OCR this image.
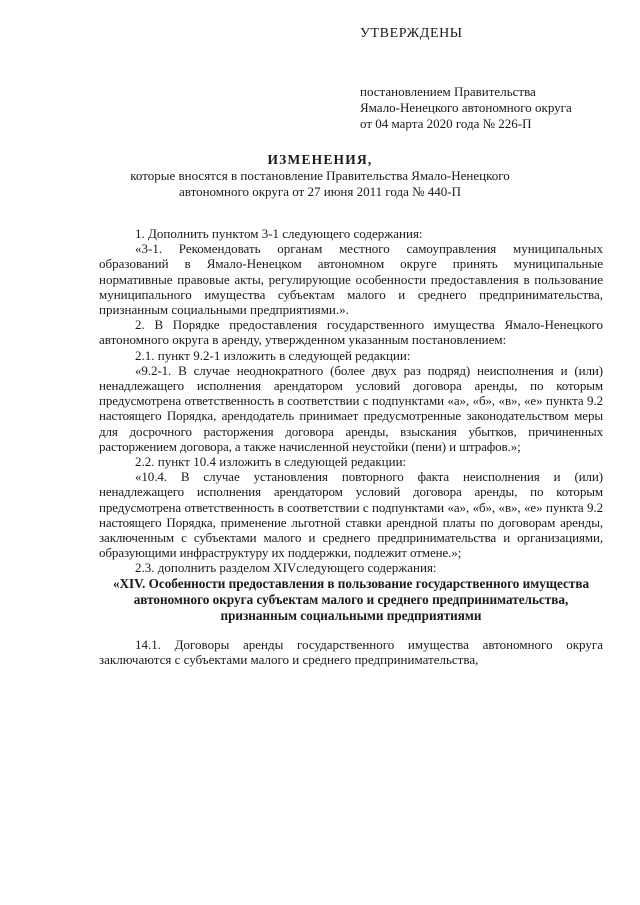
УТВЕРЖДЕНЫ
постановлением Правительства
Ямало-Ненецкого автономного округа
от 04 марта 2020 года № 226-П
ИЗМЕНЕНИЯ,
которые вносятся в постановление Правительства Ямало-Ненецкого
автономного округа от 27 июня 2011 года № 440-П

1. Дополнить пунктом 3-1 следующего содержания:

«3-1. Рекомендовать органам местного самоуправления муниципальных образований в Ямало-Ненецком автономном округе принять муниципальные нормативные правовые акты, регулирующие особенности предоставления в пользование муниципального имущества субъектам малого и среднего предпринимательства, признанным социальными предприятиями.».

2. В Порядке предоставления государственного имущества Ямало-Ненецкого автономного округа в аренду, утвержденном указанным постановлением:

2.1. пункт 9.2-1 изложить в следующей редакции:

«9.2-1. В случае неоднократного (более двух раз подряд) неисполнения и (или) ненадлежащего исполнения арендатором условий договора аренды, по которым предусмотрена ответственность в соответствии с подпунктами «а», «б», «в», «е» пункта 9.2 настоящего Порядка, арендодатель принимает предусмотренные законодательством меры для досрочного расторжения договора аренды, взыскания убытков, причиненных расторжением договора, а также начисленной неустойки (пени) и штрафов.»;

2.2. пункт 10.4 изложить в следующей редакции:

«10.4. В случае установления повторного факта неисполнения и (или) ненадлежащего исполнения арендатором условий договора аренды, по которым предусмотрена ответственность в соответствии с подпунктами «а», «б», «в», «е» пункта 9.2 настоящего Порядка, применение льготной ставки арендной платы по договорам аренды, заключенным с субъектами малого и среднего предпринимательства и организациями, образующими инфраструктуру их поддержки, подлежит отмене.»;

2.3. дополнить разделом XIVследующего содержания:

«XIV. Особенности предоставления в пользование государственного имущества автономного округа субъектам малого и среднего предпринимательства, признанным социальными предприятиями

14.1. Договоры аренды государственного имущества автономного округа заключаются с субъектами малого и среднего предпринимательства,
